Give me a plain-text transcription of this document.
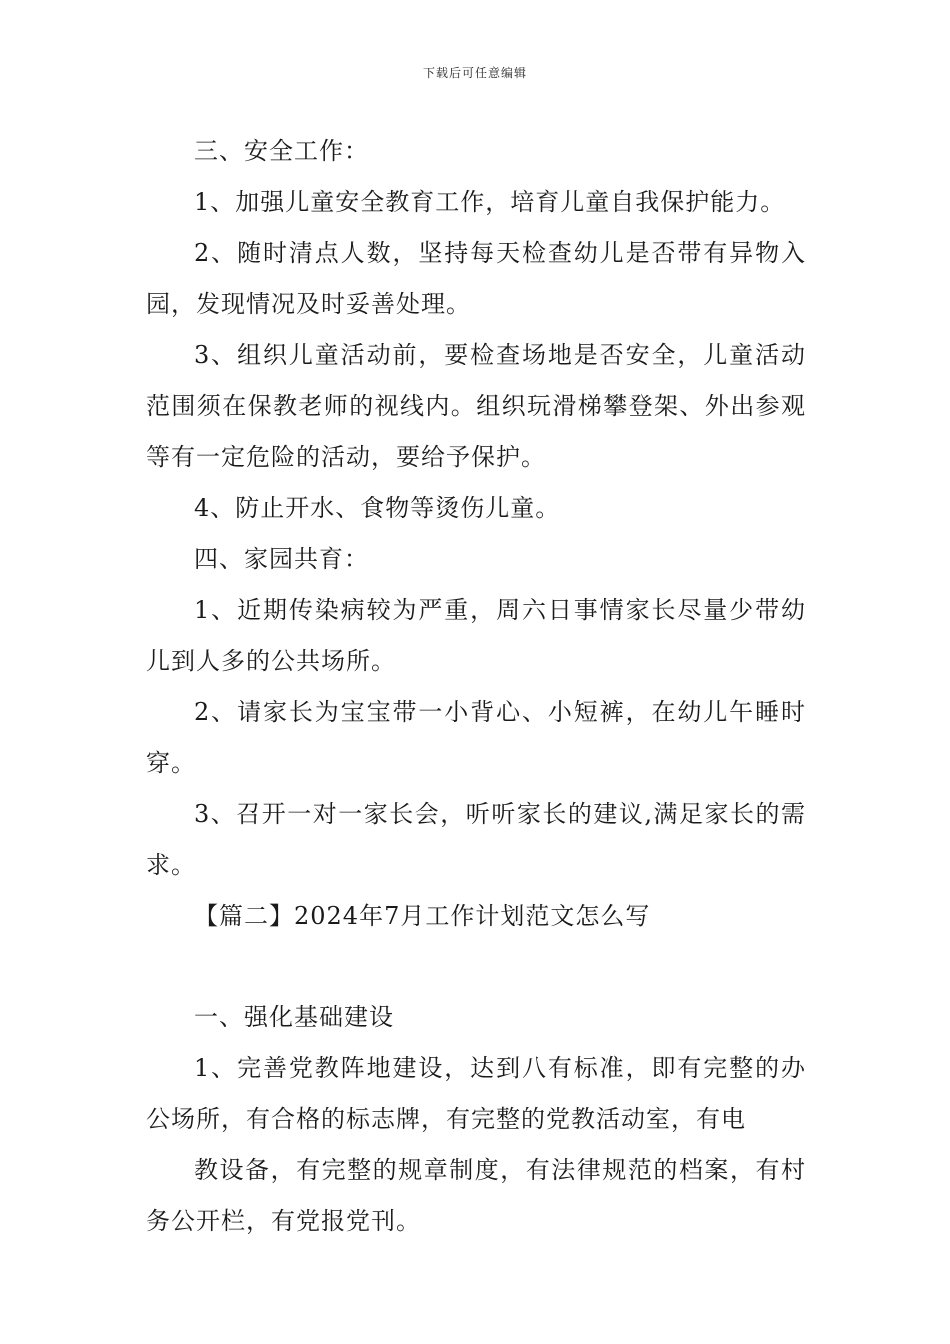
下载后可任意编辑

三、安全工作：

1、加强儿童安全教育工作，培育儿童自我保护能力。

2、随时清点人数，坚持每天检查幼儿是否带有异物入园，发现情况及时妥善处理。

3、组织儿童活动前，要检查场地是否安全，儿童活动范围须在保教老师的视线内。组织玩滑梯攀登架、外出参观等有一定危险的活动，要给予保护。

4、防止开水、食物等烫伤儿童。

四、家园共育：

1、近期传染病较为严重，周六日事情家长尽量少带幼儿到人多的公共场所。

2、请家长为宝宝带一小背心、小短裤，在幼儿午睡时穿。

3、召开一对一家长会，听听家长的建议,满足家长的需求。

【篇二】2024年7月工作计划范文怎么写

一、强化基础建设

1、完善党教阵地建设，达到八有标准，即有完整的办公场所，有合格的标志牌，有完整的党教活动室，有电

教设备，有完整的规章制度，有法律规范的档案，有村务公开栏，有党报党刊。
